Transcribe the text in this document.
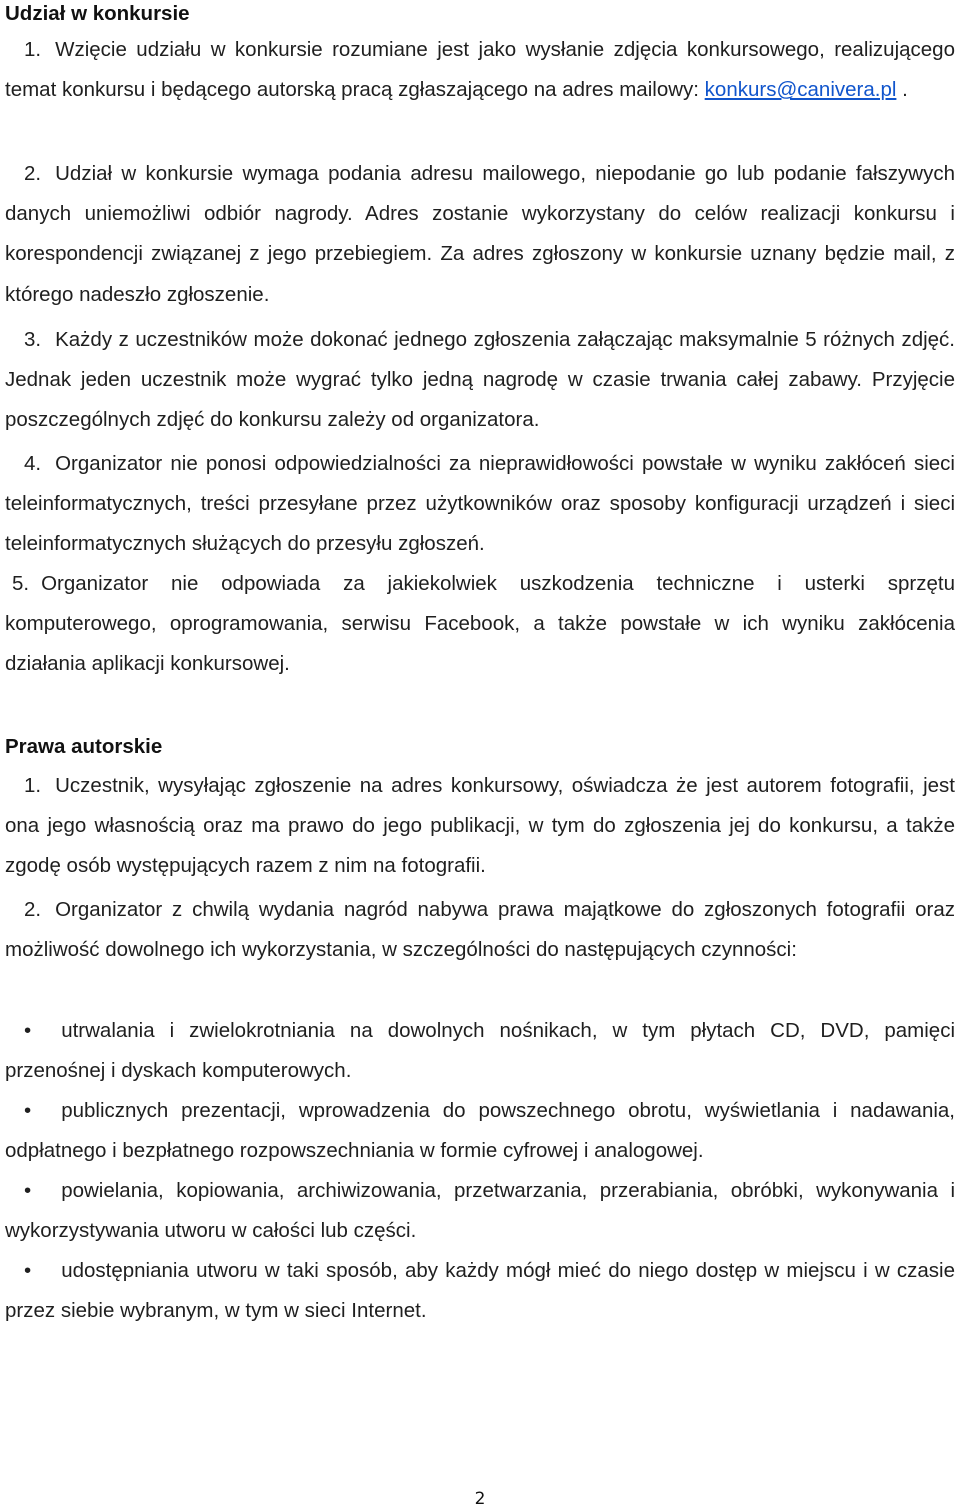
Udział w konkursie

1. Wzięcie udziału w konkursie rozumiane jest jako wysłanie zdjęcia konkursowego, realizującego temat konkursu i będącego autorską pracą zgłaszającego na adres mailowy: konkurs@canivera.pl .

2. Udział w konkursie wymaga podania adresu mailowego, niepodanie go lub podanie fałszywych danych uniemożliwi odbiór nagrody. Adres zostanie wykorzystany do celów realizacji konkursu i korespondencji związanej z jego przebiegiem. Za adres zgłoszony w konkursie uznany będzie mail, z którego nadeszło zgłoszenie.

3. Każdy z uczestników może dokonać jednego zgłoszenia załączając maksymalnie 5 różnych zdjęć. Jednak jeden uczestnik może wygrać tylko jedną nagrodę w czasie trwania całej zabawy. Przyjęcie poszczególnych zdjęć do konkursu zależy od organizatora.

4. Organizator nie ponosi odpowiedzialności za nieprawidłowości powstałe w wyniku zakłóceń sieci teleinformatycznych, treści przesyłane przez użytkowników oraz sposoby konfiguracji urządzeń i sieci teleinformatycznych służących do przesyłu zgłoszeń.

5. Organizator nie odpowiada za jakiekolwiek uszkodzenia techniczne i usterki sprzętu komputerowego, oprogramowania, serwisu Facebook, a także powstałe w ich wyniku zakłócenia działania aplikacji konkursowej.

Prawa autorskie

1. Uczestnik, wysyłając zgłoszenie na adres konkursowy, oświadcza że jest autorem fotografii, jest ona jego własnością oraz ma prawo do jego publikacji, w tym do zgłoszenia jej do konkursu, a także zgodę osób występujących razem z nim na fotografii.

2. Organizator z chwilą wydania nagród nabywa prawa majątkowe do zgłoszonych fotografii oraz możliwość dowolnego ich wykorzystania, w szczególności do następujących czynności:

• utrwalania i zwielokrotniania na dowolnych nośnikach, w tym płytach CD, DVD, pamięci przenośnej i dyskach komputerowych.

• publicznych prezentacji, wprowadzenia do powszechnego obrotu, wyświetlania i nadawania, odpłatnego i bezpłatnego rozpowszechniania w formie cyfrowej i analogowej.

• powielania, kopiowania, archiwizowania, przetwarzania, przerabiania, obróbki, wykonywania i wykorzystywania utworu w całości lub części.

• udostępniania utworu w taki sposób, aby każdy mógł mieć do niego dostęp w miejscu i w czasie przez siebie wybranym, w tym w sieci Internet.

2
